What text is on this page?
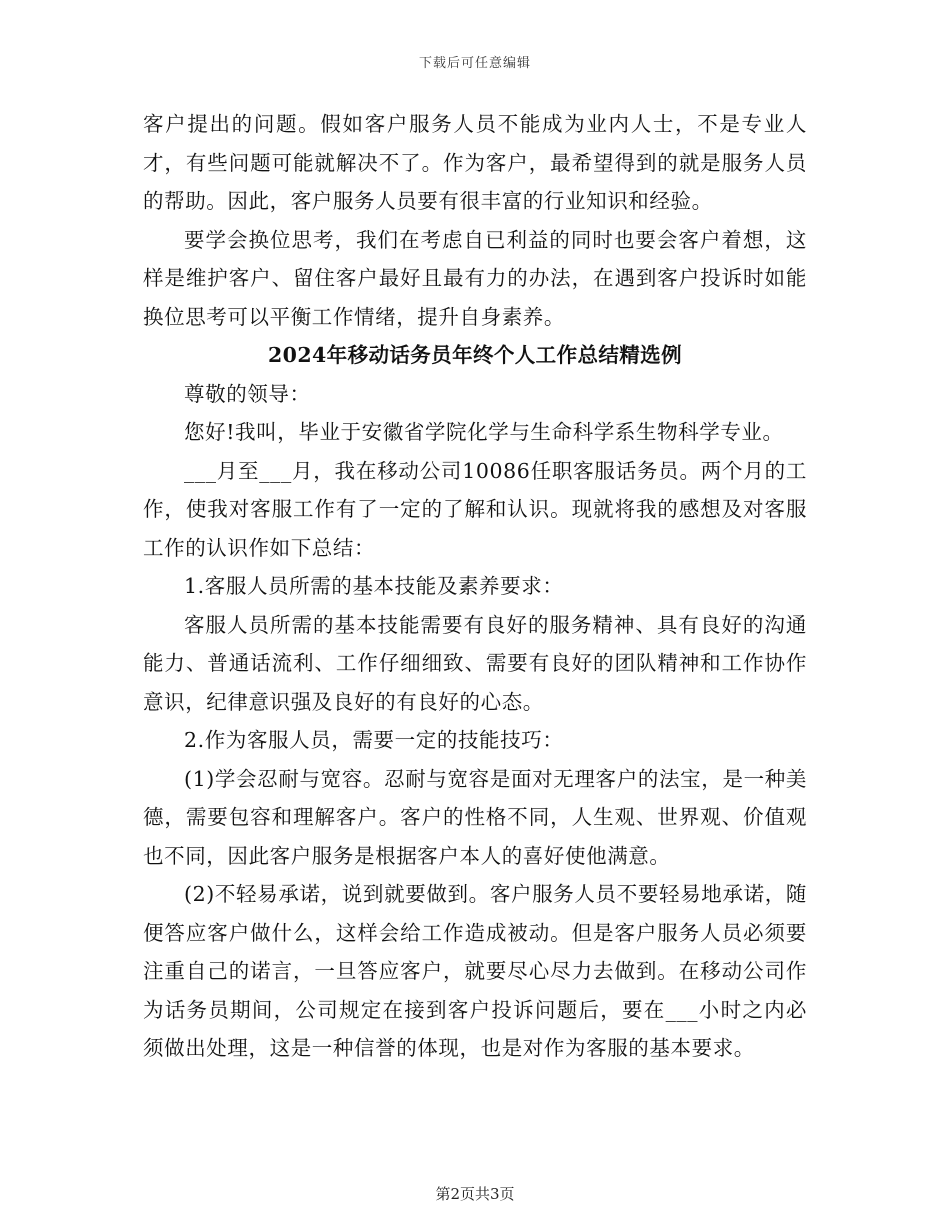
下载后可任意编辑

客户提出的问题。假如客户服务人员不能成为业内人士，不是专业人才，有些问题可能就解决不了。作为客户，最希望得到的就是服务人员的帮助。因此，客户服务人员要有很丰富的行业知识和经验。

要学会换位思考，我们在考虑自已利益的同时也要会客户着想，这样是维护客户、留住客户最好且最有力的办法，在遇到客户投诉时如能换位思考可以平衡工作情绪，提升自身素养。

2024年移动话务员年终个人工作总结精选例

尊敬的领导：

您好!我叫，毕业于安徽省学院化学与生命科学系生物科学专业。

___月至___月，我在移动公司10086任职客服话务员。两个月的工作，使我对客服工作有了一定的了解和认识。现就将我的感想及对客服工作的认识作如下总结：

1.客服人员所需的基本技能及素养要求：

客服人员所需的基本技能需要有良好的服务精神、具有良好的沟通能力、普通话流利、工作仔细细致、需要有良好的团队精神和工作协作意识，纪律意识强及良好的有良好的心态。

2.作为客服人员，需要一定的技能技巧：

(1)学会忍耐与宽容。忍耐与宽容是面对无理客户的法宝，是一种美德，需要包容和理解客户。客户的性格不同，人生观、世界观、价值观也不同，因此客户服务是根据客户本人的喜好使他满意。

(2)不轻易承诺，说到就要做到。客户服务人员不要轻易地承诺，随便答应客户做什么，这样会给工作造成被动。但是客户服务人员必须要注重自己的诺言，一旦答应客户，就要尽心尽力去做到。在移动公司作为话务员期间，公司规定在接到客户投诉问题后，要在___小时之内必须做出处理，这是一种信誉的体现，也是对作为客服的基本要求。

第2页共3页
